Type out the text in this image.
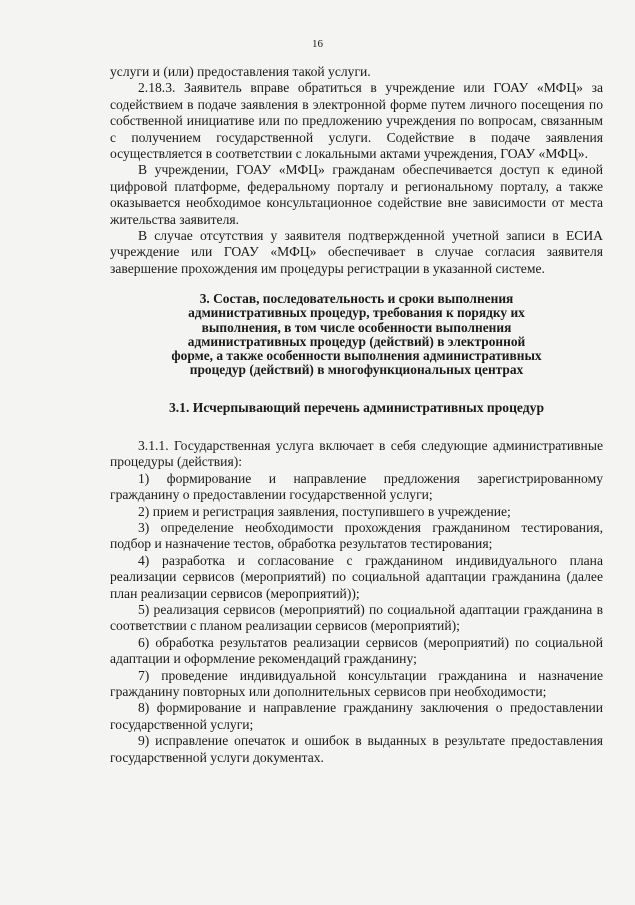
16

услуги и (или) предоставления такой услуги.

2.18.3. Заявитель вправе обратиться в учреждение или ГОАУ «МФЦ» за содействием в подаче заявления в электронной форме путем личного посещения по собственной инициативе или по предложению учреждения по вопросам, связанным с получением государственной услуги. Содействие в подаче заявления осуществляется в соответствии с локальными актами учреждения, ГОАУ «МФЦ».

В учреждении, ГОАУ «МФЦ» гражданам обеспечивается доступ к единой цифровой платформе, федеральному порталу и региональному порталу, а также оказывается необходимое консультационное содействие вне зависимости от места жительства заявителя.

В случае отсутствия у заявителя подтвержденной учетной записи в ЕСИА учреждение или ГОАУ «МФЦ» обеспечивает в случае согласия заявителя завершение прохождения им процедуры регистрации в указанной системе.

3. Состав, последовательность и сроки выполнения
административных процедур, требования к порядку их
выполнения, в том числе особенности выполнения
административных процедур (действий) в электронной
форме, а также особенности выполнения административных
процедур (действий) в многофункциональных центрах

3.1. Исчерпывающий перечень административных процедур

3.1.1. Государственная услуга включает в себя следующие административные процедуры (действия):

1) формирование и направление предложения зарегистрированному гражданину о предоставлении государственной услуги;

2) прием и регистрация заявления, поступившего в учреждение;

3) определение необходимости прохождения гражданином тестирования, подбор и назначение тестов, обработка результатов тестирования;

4) разработка и согласование с гражданином индивидуального плана реализации сервисов (мероприятий) по социальной адаптации гражданина (далее план реализации сервисов (мероприятий));

5) реализация сервисов (мероприятий) по социальной адаптации гражданина в соответствии с планом реализации сервисов (мероприятий);

6) обработка результатов реализации сервисов (мероприятий) по социальной адаптации и оформление рекомендаций гражданину;

7) проведение индивидуальной консультации гражданина и назначение гражданину повторных или дополнительных сервисов при необходимости;

8) формирование и направление гражданину заключения о предоставлении государственной услуги;

9) исправление опечаток и ошибок в выданных в результате предоставления государственной услуги документах.
